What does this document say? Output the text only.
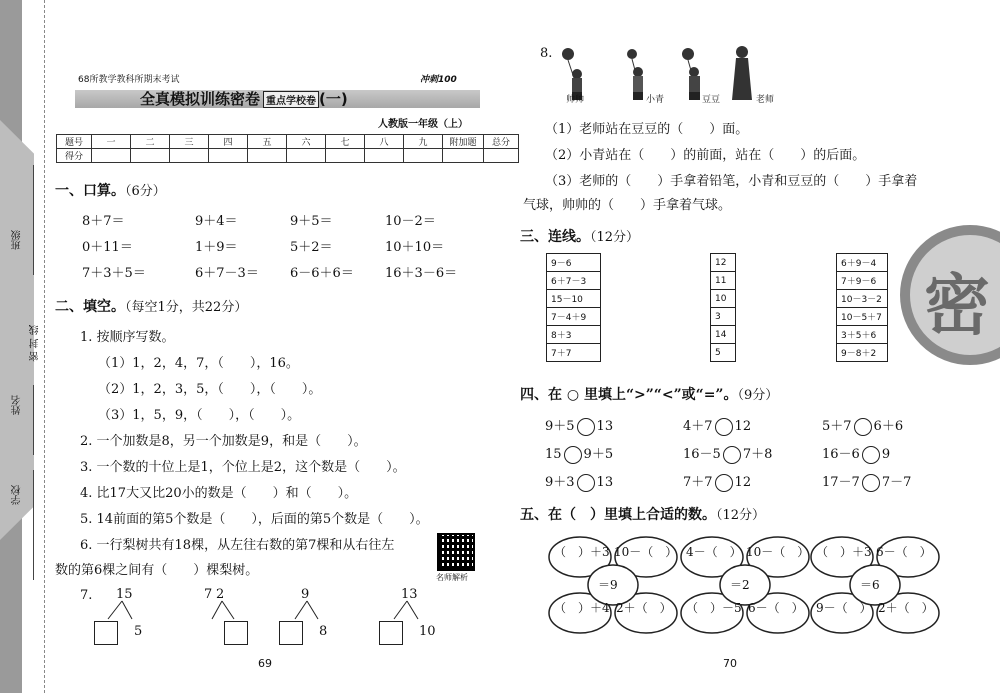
班级
密 封 线
姓名
学校
68所教学教科所期末考试	冲刺100
全真模拟训练密卷 重点学校卷 (一)
人教版一年级（上）
题号	一	二	三	四	五	六	七	八	九	附加题	总分
得分											
一、口算。（6分）
8＋7＝	9＋4＝	9＋5＝	10－2＝
0＋11＝	1＋9＝	5＋2＝	10＋10＝
7＋3＋5＝	6＋7－3＝ 6－6＋6＝ 16＋3－6＝
二、填空。（每空1分，共22分）
1. 按顺序写数。
（1）1，2，4，7，（　　），16。
（2）1，2，3，5，（　　），（　　）。
（3）1，5，9，（　　），（　　）。
2. 一个加数是8，另一个加数是9，和是（　　）。
3. 一个数的十位上是1，个位上是2，这个数是（　　）。
4. 比17大又比20小的数是（　　）和（　　）。
5. 14前面的第5个数是（　　），后面的第5个数是（　　）。
6. 一行梨树共有18棵，从左往右数的第7棵和从右往左
数的第6棵之间有（　　）棵梨树。	名师解析
7. 15
5
2
7	9
8
13
10
69
8.
帅帅	小青	豆豆	老师
（1）老师站在豆豆的（　　）面。
（2）小青站在（　　）的前面，站在（　　）的后面。
（3）老师的（　　）手拿着铅笔，小青和豆豆的（　　）手拿着
气球，帅帅的（　　）手拿着气球。
密
三、连线。（12分）
9－6
6＋7－3
15－10
7－4＋9
8＋3
7＋7
12
11
10
3
14
5
6＋9－4
7＋9－6
10－3－2
10－5＋7
3＋5＋6
9－8＋2
四、在 ○ 里填上“>”“<”或“=”。（9分）
9＋5 13	4＋7 12	5＋7 6＋6
15 9＋5	16－5 7＋8	16－6 9
9＋3 13	7＋7 12	17－7 7－7
五、在（　）里填上合适的数。（12分）
（　）＋3 10－（　）
（　）＋4 2＋（　）
＝9
4－（　） 10－（　）
（　）－5 6－（　）
＝2
（　）＋3 6－（　）
9－（　） 2＋（　）
＝6
70
